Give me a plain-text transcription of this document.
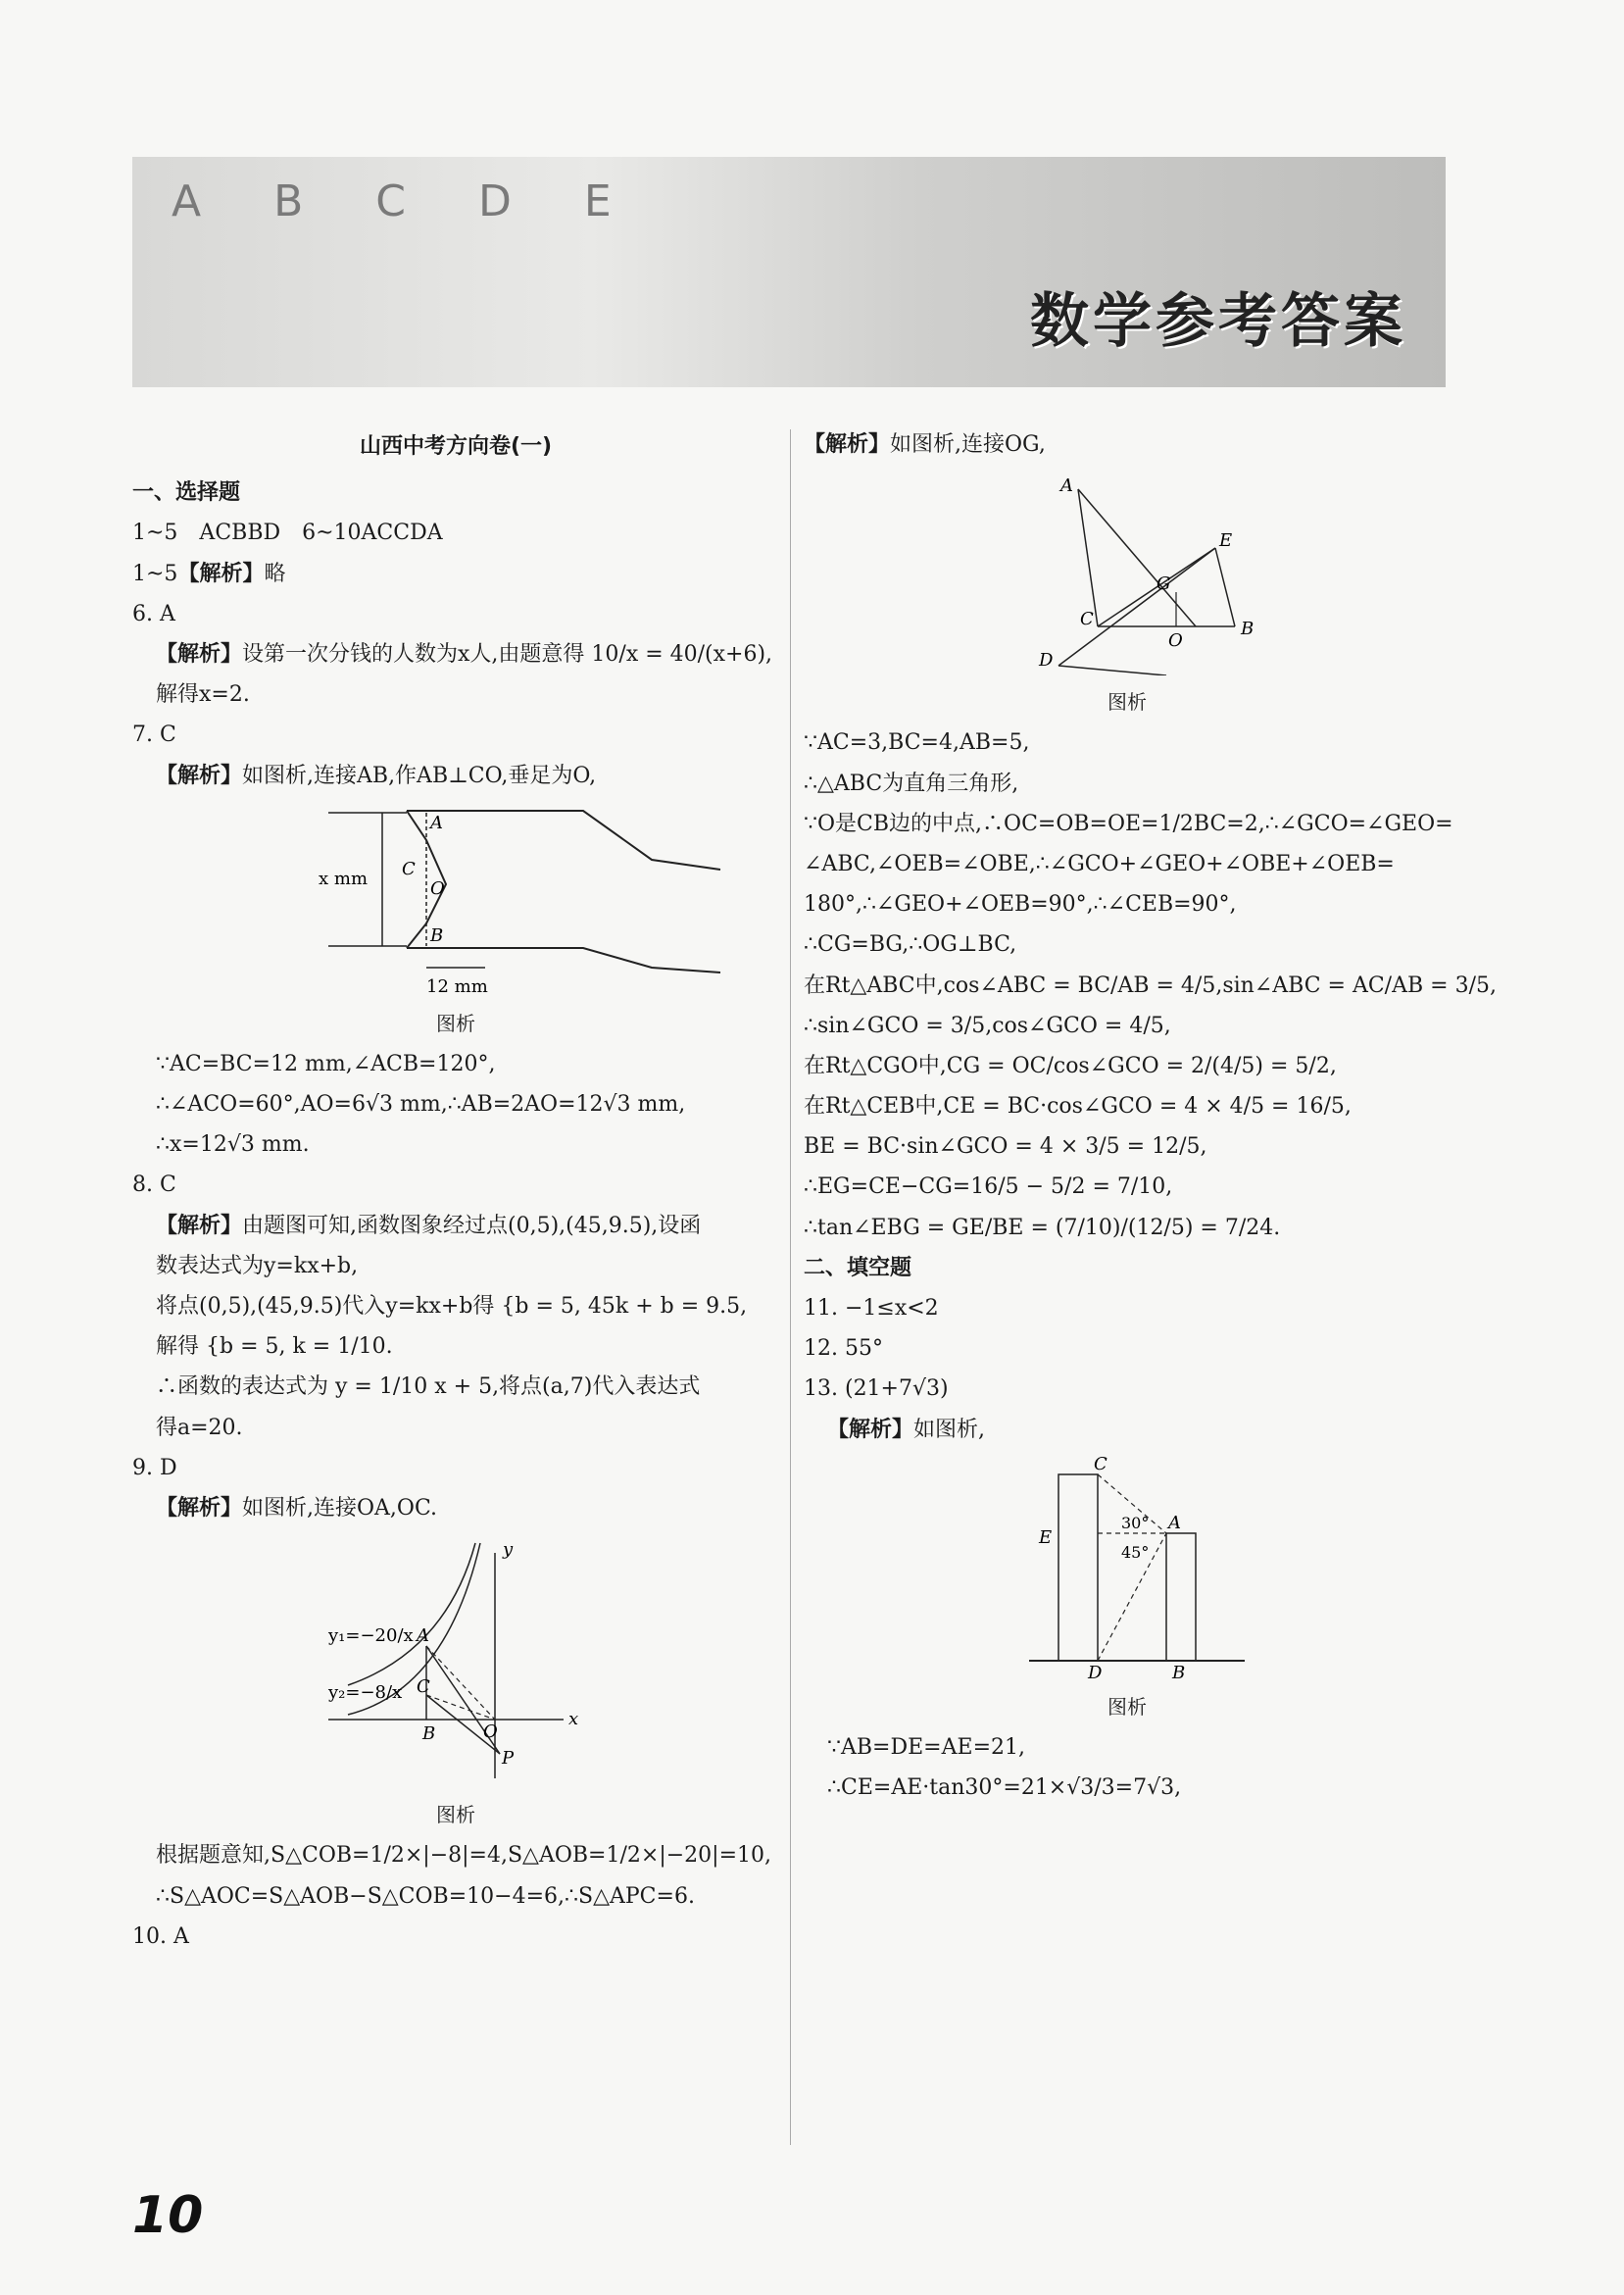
A B C D E
数学参考答案
山西中考方向卷(一)
一、选择题
1~5　ACBBD　6~10ACCDA
1~5【解析】略
6. A
【解析】设第一次分钱的人数为x人,由题意得 10/x = 40/(x+6),
解得x=2.
7. C
【解析】如图析,连接AB,作AB⊥CO,垂足为O,
A
O
C
B
x mm
12 mm
图析
∵AC=BC=12 mm,∠ACB=120°,
∴∠ACO=60°,AO=6√3 mm,∴AB=2AO=12√3 mm,
∴x=12√3 mm.
8. C
【解析】由题图可知,函数图象经过点(0,5),(45,9.5),设函
数表达式为y=kx+b,
将点(0,5),(45,9.5)代入y=kx+b得 {b = 5, 45k + b = 9.5,
解得 {b = 5, k = 1/10.
∴函数的表达式为 y = 1/10 x + 5,将点(a,7)代入表达式
得a=20.
9. D
【解析】如图析,连接OA,OC.
A
C
B	O
P
x
y
y₁=−20/x
y₂=−8/x
图析
根据题意知,S△COB=1/2×|−8|=4,S△AOB=1/2×|−20|=10,
∴S△AOC=S△AOB−S△COB=10−4=6,∴S△APC=6.
10. A
【解析】如图析,连接OG,
A
E
G
C	B
O
D
图析
∵AC=3,BC=4,AB=5,
∴△ABC为直角三角形,
∵O是CB边的中点,∴OC=OB=OE=1/2BC=2,∴∠GCO=∠GEO=
∠ABC,∠OEB=∠OBE,∴∠GCO+∠GEO+∠OBE+∠OEB=
180°,∴∠GEO+∠OEB=90°,∴∠CEB=90°,
∴CG=BG,∴OG⊥BC,
在Rt△ABC中,cos∠ABC = BC/AB = 4/5,sin∠ABC = AC/AB = 3/5,
∴sin∠GCO = 3/5,cos∠GCO = 4/5,
在Rt△CGO中,CG = OC/cos∠GCO = 2/(4/5) = 5/2,
在Rt△CEB中,CE = BC·cos∠GCO = 4 × 4/5 = 16/5,
BE = BC·sin∠GCO = 4 × 3/5 = 12/5,
∴EG=CE−CG=16/5 − 5/2 = 7/10,
∴tan∠EBG = GE/BE = (7/10)/(12/5) = 7/24.
二、填空题
11. −1≤x<2
12. 55°
13. (21+7√3)
【解析】如图析,
C
E
A
30°
45°
D	B
图析
∵AB=DE=AE=21,
∴CE=AE·tan30°=21×√3/3=7√3,
10
